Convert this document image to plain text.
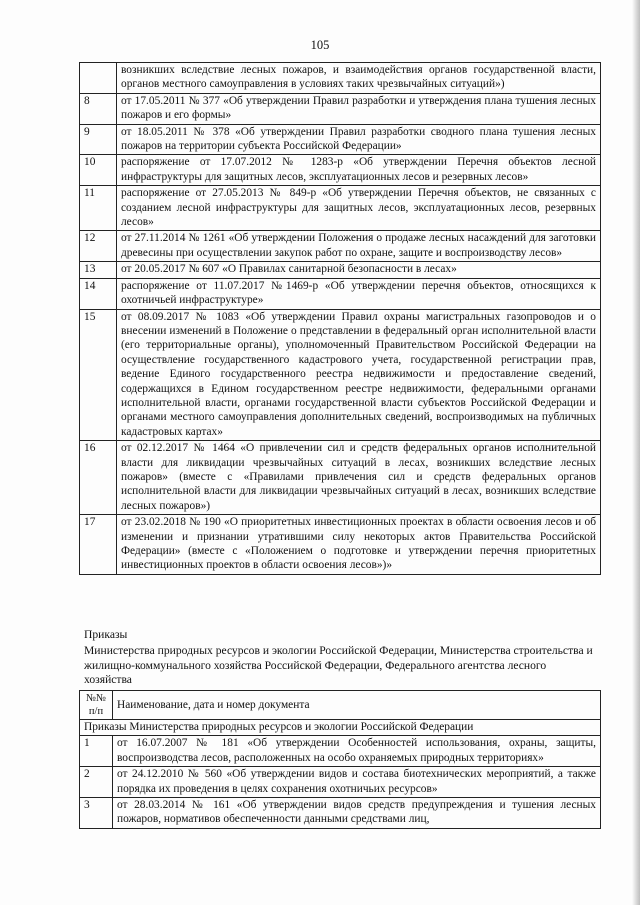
105
	возникших вследствие лесных пожаров, и взаимодействия органов государственной власти, органов местного самоуправления в условиях таких чрезвычайных ситуаций»)
8	от 17.05.2011 № 377 «Об утверждении Правил разработки и утверждения плана тушения лесных пожаров и его формы»
9	от 18.05.2011 № 378 «Об утверждении Правил разработки сводного плана тушения лесных пожаров на территории субъекта Российской Федерации»
10	распоряжение от 17.07.2012 № 1283-р «Об утверждении Перечня объектов лесной инфраструктуры для защитных лесов, эксплуатационных лесов и резервных лесов»
11	распоряжение от 27.05.2013 № 849-р «Об утверждении Перечня объектов, не связанных с созданием лесной инфраструктуры для защитных лесов, эксплуатационных лесов, резервных лесов»
12	от 27.11.2014 № 1261 «Об утверждении Положения о продаже лесных насаждений для заготовки древесины при осуществлении закупок работ по охране, защите и воспроизводству лесов»
13	от 20.05.2017 № 607 «О Правилах санитарной безопасности в лесах»
14	распоряжение от 11.07.2017 №1469-р «Об утверждении перечня объектов, относящихся к охотничьей инфраструктуре»
15	от 08.09.2017 № 1083 «Об утверждении Правил охраны магистральных газопроводов и о внесении изменений в Положение о представлении в федеральный орган исполнительной власти (его территориальные органы), уполномоченный Правительством Российской Федерации на осуществление государственного кадастрового учета, государственной регистрации прав, ведение Единого государственного реестра недвижимости и предоставление сведений, содержащихся в Едином государственном реестре недвижимости, федеральными органами исполнительной власти, органами государственной власти субъектов Российской Федерации и органами местного самоуправления дополнительных сведений, воспроизводимых на публичных кадастровых картах»
16	от 02.12.2017 № 1464 «О привлечении сил и средств федеральных органов исполнительной власти для ликвидации чрезвычайных ситуаций в лесах, возникших вследствие лесных пожаров» (вместе с «Правилами привлечения сил и средств федеральных органов исполнительной власти для ликвидации чрезвычайных ситуаций в лесах, возникших вследствие лесных пожаров»)
17	от 23.02.2018 № 190 «О приоритетных инвестиционных проектах в области освоения лесов и об изменении и признании утратившими силу некоторых актов Правительства Российской Федерации» (вместе с «Положением о подготовке и утверждении перечня приоритетных инвестиционных проектов в области освоения лесов»)»
Приказы
Министерства природных ресурсов и экологии Российской Федерации, Министерства строительства и жилищно-коммунального хозяйства Российской Федерации, Федерального агентства лесного хозяйства
№№ п/п	Наименование, дата и номер документа
Приказы Министерства природных ресурсов и экологии Российской Федерации	
1	от 16.07.2007 № 181 «Об утверждении Особенностей использования, охраны, защиты, воспроизводства лесов, расположенных на особо охраняемых природных территориях»
2	от 24.12.2010 № 560 «Об утверждении видов и состава биотехнических мероприятий, а также порядка их проведения в целях сохранения охотничьих ресурсов»
3	от 28.03.2014 № 161 «Об утверждении видов средств предупреждения и тушения лесных пожаров, нормативов обеспеченности данными средствами лиц,
